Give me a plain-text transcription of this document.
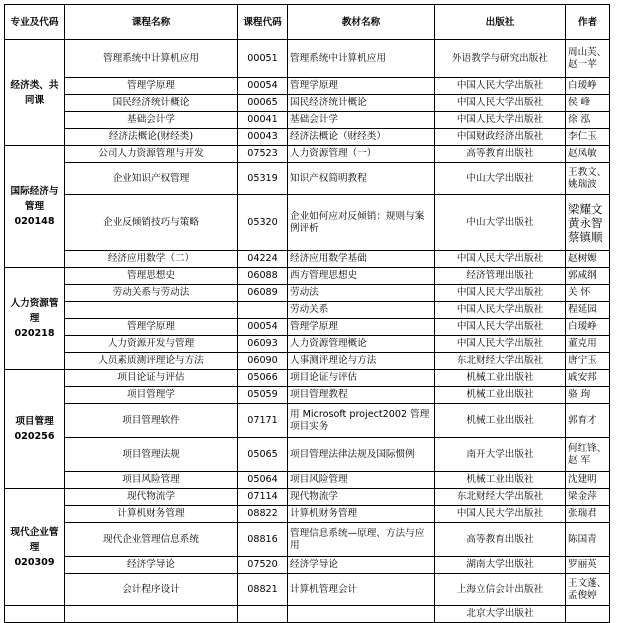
专业及代码	课程名称	课程代码	教材名称	出版社	作者

经济类、共同课	管理系统中计算机应用	00051	管理系统中计算机应用	外语教学与研究出版社	周山芙、赵一苹
	管理学原理	00054	管理学原理	中国人民大学出版社	白瑷峥
	国民经济统计概论	00065	国民经济统计概论	中国人民大学出版社	侯 峰
	基础会计学	00041	基础会计学	中国人民大学出版社	徐 泓
	经济法概论(财经类)	00043	经济法概论（财经类）	中国财政经济出版社	李仁玉

国际经济与管理
020148	公司人力资源管理与开发	07523	人力资源管理（一）	高等教育出版社	赵凤敏
	企业知识产权管理	05319	知识产权简明教程	中山大学出版社	王教文、姚瑞波
	企业反倾销技巧与策略	05320	企业如何应对反倾销：规则与案例评析	中山大学出版社	梁耀文 黄永智 蔡镇顺
	经济应用数学（二）	04224	经济应用数学基础	中国人民大学出版社	赵树嫄

人力资源管理
020218	管理思想史	06088	西方管理思想史	经济管理出版社	郭咸纲
	劳动关系与劳动法	06089	劳动法	中国人民大学出版社	关 怀
			劳动关系	中国人民大学出版社	程延园
	管理学原理	00054	管理学原理	中国人民大学出版社	白瑷峥
	人力资源开发与管理	06093	人力资源管理概论	中国人民大学出版社	董克用
	人员素质测评理论与方法	06090	人事测评理论与方法	东北财经大学出版社	唐宁玉

项目管理
020256	项目论证与评估	05066	项目论证与评估	机械工业出版社	戚安邦
	项目管理学	05059	项目管理教程	机械工业出版社	骆 珣
	项目管理软件	07171	用 Microsoft project2002 管理项目实务	机械工业出版社	郭育才
	项目管理法规	05065	项目管理法律法规及国际惯例	南开大学出版社	何红锋、赵 军
	项目风险管理	05064	项目风险管理	机械工业出版社	沈建明

现代企业管理
020309	现代物流学	07114	现代物流学	东北财经大学出版社	梁金萍
	计算机财务管理	08822	计算机财务管理	中国人民大学出版社	张瑞君
	现代企业管理信息系统	08816	管理信息系统—原理、方法与应用	高等教育出版社	陈国青
	经济学导论	07520	经济学导论	湖南大学出版社	罗丽英
	会计程序设计	08821	计算机管理会计	上海立信会计出版社	王文蓬、孟俊婷
				北京大学出版社	
